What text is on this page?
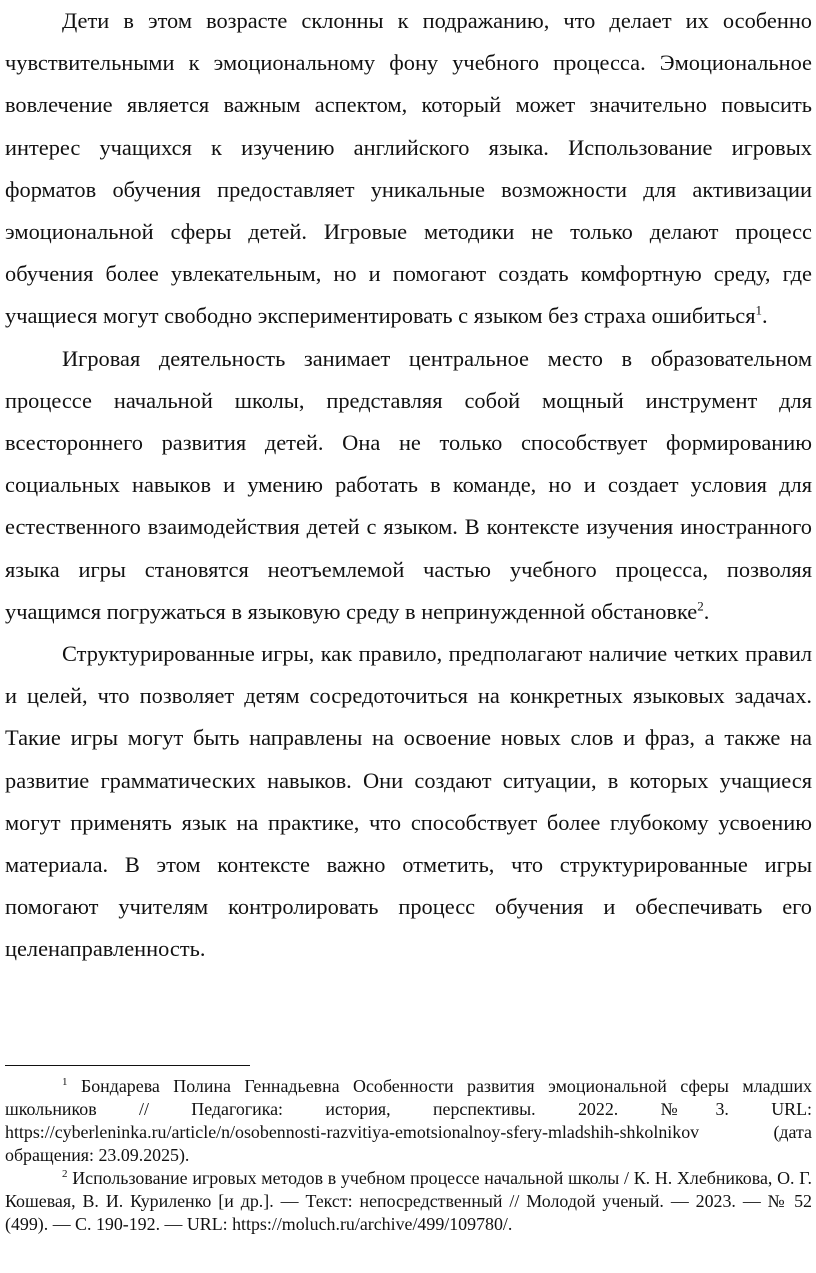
Дети в этом возрасте склонны к подражанию, что делает их особенно чувствительными к эмоциональному фону учебного процесса. Эмоциональное вовлечение является важным аспектом, который может значительно повысить интерес учащихся к изучению английского языка. Использование игровых форматов обучения предоставляет уникальные возможности для активизации эмоциональной сферы детей. Игровые методики не только делают процесс обучения более увлекательным, но и помогают создать комфортную среду, где учащиеся могут свободно экспериментировать с языком без страха ошибиться$^1$.

Игровая деятельность занимает центральное место в образовательном процессе начальной школы, представляя собой мощный инструмент для всестороннего развития детей. Она не только способствует формированию социальных навыков и умению работать в команде, но и создает условия для естественного взаимодействия детей с языком. В контексте изучения иностранного языка игры становятся неотъемлемой частью учебного процесса, позволяя учащимся погружаться в языковую среду в непринужденной обстановке$^2$.

Структурированные игры, как правило, предполагают наличие четких правил и целей, что позволяет детям сосредоточиться на конкретных языковых задачах. Такие игры могут быть направлены на освоение новых слов и фраз, а также на развитие грамматических навыков. Они создают ситуации, в которых учащиеся могут применять язык на практике, что способствует более глубокому усвоению материала. В этом контексте важно отметить, что структурированные игры помогают учителям контролировать процесс обучения и обеспечивать его целенаправленность.

$^1$ Бондарева Полина Геннадьевна Особенности развития эмоциональной сферы младших школьников // Педагогика: история, перспективы. 2022. №3. URL: https://cyberleninka.ru/article/n/osobennosti-razvitiya-emotsionalnoy-sfery-mladshih-shkolnikov (дата обращения: 23.09.2025).

$^2$ Использование игровых методов в учебном процессе начальной школы / К. Н. Хлебникова, О. Г. Кошевая, В. И. Куриленко [и др.]. — Текст: непосредственный // Молодой ученый. — 2023. — № 52 (499). — С. 190-192. — URL: https://moluch.ru/archive/499/109780/.
